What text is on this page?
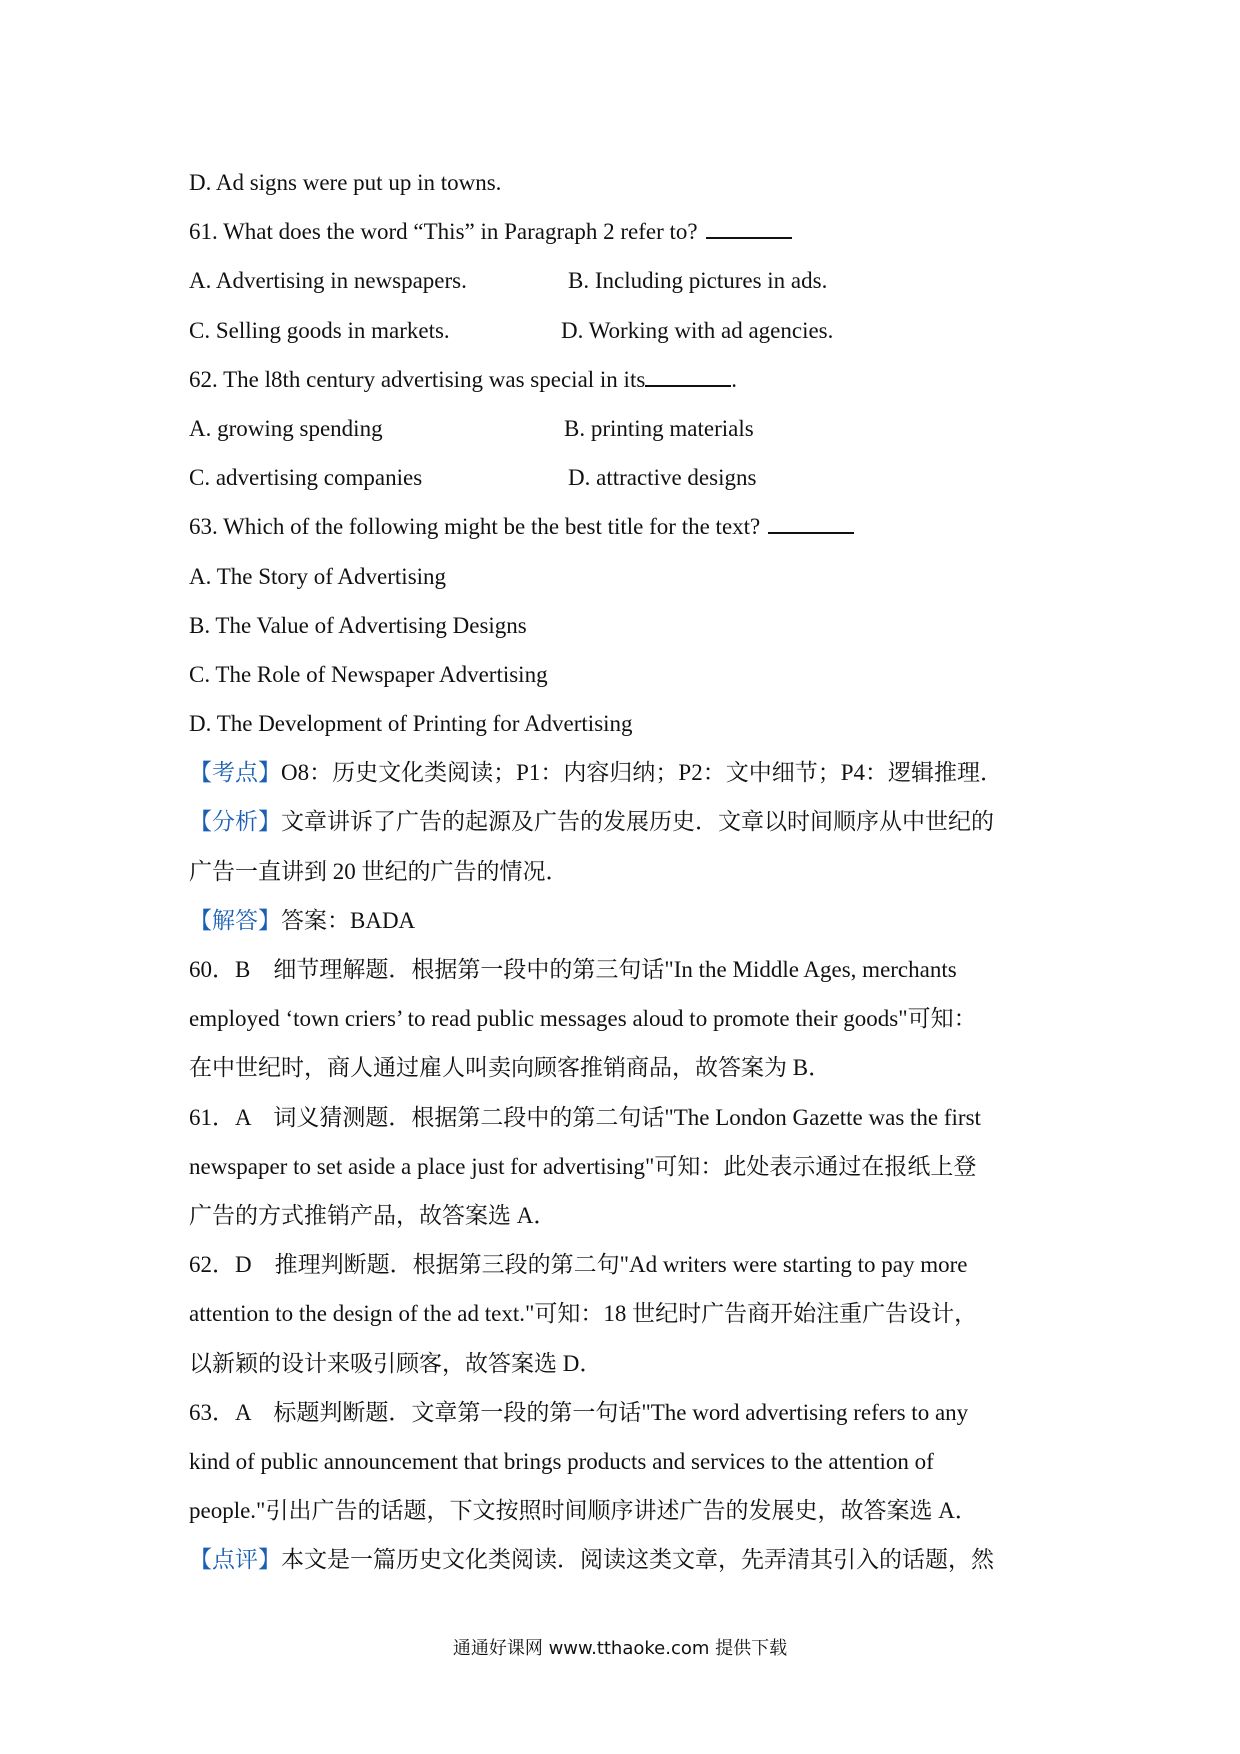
D. Ad signs were put up in towns.
61. What does the word “This” in Paragraph 2 refer to?
A. Advertising in newspapers.	B. Including pictures in ads.
C. Selling goods in markets.	D. Working with ad agencies.
62. The l8th century advertising was special in its	.
A. growing spending	B. printing materials
C. advertising companies	D. attractive designs
63. Which of the following might be the best title for the text?
A. The Story of Advertising
B. The Value of Advertising Designs
C. The Role of Newspaper Advertising
D. The Development of Printing for Advertising
【考点】O8：历史文化类阅读；P1：内容归纳；P2：文中细节；P4：逻辑推理．
【分析】文章讲诉了广告的起源及广告的发展历史．文章以时间顺序从中世纪的
广告一直讲到 20 世纪的广告的情况．
【解答】答案：BADA
60．B　细节理解题．根据第一段中的第三句话"In the Middle Ages, merchants
employed ‘town criers’ to read public messages aloud to promote their goods"可知：
在中世纪时，商人通过雇人叫卖向顾客推销商品，故答案为 B．
61．A　词义猜测题．根据第二段中的第二句话"The London Gazette was the first
newspaper to set aside a place just for advertising"可知：此处表示通过在报纸上登
广告的方式推销产品，故答案选 A．
62．D　推理判断题．根据第三段的第二句"Ad writers were starting to pay more
attention to the design of the ad text."可知：18 世纪时广告商开始注重广告设计，
以新颖的设计来吸引顾客，故答案选 D．
63．A　标题判断题．文章第一段的第一句话"The word advertising refers to any
kind of public announcement that brings products and services to the attention of
people."引出广告的话题，下文按照时间顺序讲述广告的发展史，故答案选 A．
【点评】本文是一篇历史文化类阅读．阅读这类文章，先弄清其引入的话题，然
通通好课网 www.tthaoke.com 提供下载
